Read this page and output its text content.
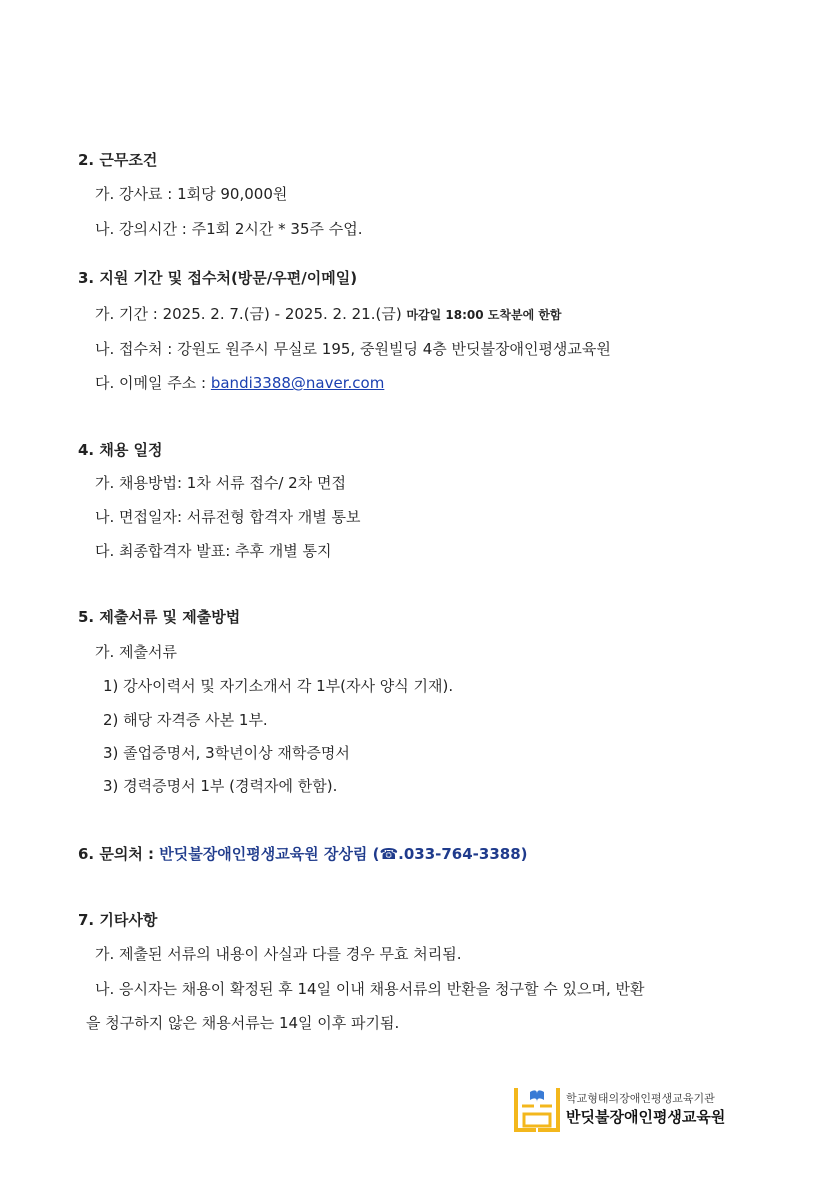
2. 근무조건
가. 강사료 : 1회당 90,000원
나. 강의시간 : 주1회 2시간 * 35주 수업.
3. 지원 기간 및 접수처(방문/우편/이메일)
가. 기간 : 2025. 2. 7.(금) - 2025. 2. 21.(금) 마감일 18:00 도착분에 한함
나. 접수처 : 강원도 원주시 무실로 195, 중원빌딩 4층 반딧불장애인평생교육원
다. 이메일 주소 : bandi3388@naver.com
4. 채용 일정
가. 채용방법: 1차 서류 접수/ 2차 면접
나. 면접일자: 서류전형 합격자 개별 통보
다. 최종합격자 발표: 추후 개별 통지
5. 제출서류 및 제출방법
가. 제출서류
1) 강사이력서 및 자기소개서 각 1부(자사 양식 기재).
2) 해당 자격증 사본 1부.
3) 졸업증명서, 3학년이상 재학증명서
3) 경력증명서 1부 (경력자에 한함).
6. 문의처 : 반딧불장애인평생교육원 장상림 (☎.033-764-3388)
7. 기타사항
가. 제출된 서류의 내용이 사실과 다를 경우 무효 처리됨.
나. 응시자는 채용이 확정된 후 14일 이내 채용서류의 반환을 청구할 수 있으며, 반환
을 청구하지 않은 채용서류는 14일 이후 파기됨.
학교형태의장애인평생교육기관
반딧불장애인평생교육원
